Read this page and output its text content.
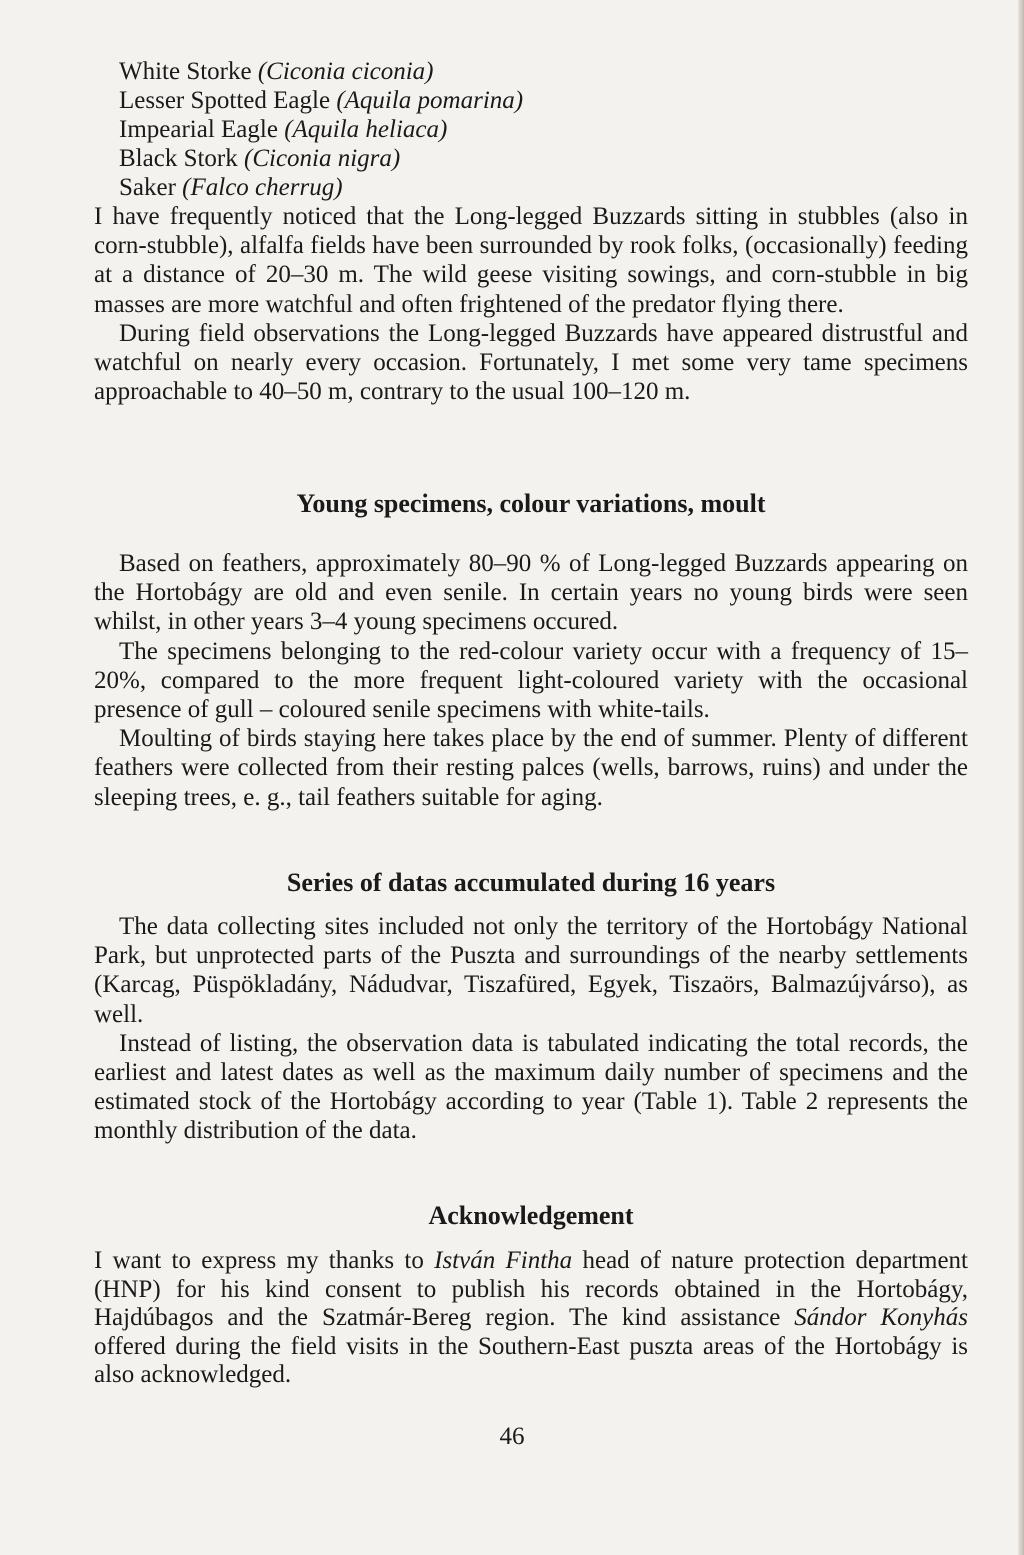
White Storke (Ciconia ciconia)
Lesser Spotted Eagle (Aquila pomarina)
Impearial Eagle (Aquila heliaca)
Black Stork (Ciconia nigra)
Saker (Falco cherrug)

I have frequently noticed that the Long-legged Buzzards sitting in stubbles (also in corn-stubble), alfalfa fields have been surrounded by rook folks, (occasionally) feeding at a distance of 20–30 m. The wild geese visiting sowings, and corn-stubble in big masses are more watchful and often frightened of the predator flying there.

During field observations the Long-legged Buzzards have appeared distrustful and watchful on nearly every occasion. Fortunately, I met some very tame specimens approachable to 40–50 m, contrary to the usual 100–120 m.

Young specimens, colour variations, moult

Based on feathers, approximately 80–90 % of Long-legged Buzzards appearing on the Hortobágy are old and even senile. In certain years no young birds were seen whilst, in other years 3–4 young specimens occured.

The specimens belonging to the red-colour variety occur with a frequency of 15–20%, compared to the more frequent light-coloured variety with the occasional presence of gull – coloured senile specimens with white-tails.

Moulting of birds staying here takes place by the end of summer. Plenty of different feathers were collected from their resting palces (wells, barrows, ruins) and under the sleeping trees, e. g., tail feathers suitable for aging.

Series of datas accumulated during 16 years

The data collecting sites included not only the territory of the Hortobágy National Park, but unprotected parts of the Puszta and surroundings of the nearby settlements (Karcag, Püspökladány, Nádudvar, Tiszafüred, Egyek, Tiszaörs, Balmazújvárso), as well.

Instead of listing, the observation data is tabulated indicating the total records, the earliest and latest dates as well as the maximum daily number of specimens and the estimated stock of the Hortobágy according to year (Table 1). Table 2 represents the monthly distribution of the data.

Acknowledgement

I want to express my thanks to István Fintha head of nature protection department (HNP) for his kind consent to publish his records obtained in the Hortobágy, Hajdúbagos and the Szatmár-Bereg region. The kind assistance Sándor Konyhás offered during the field visits in the Southern-East puszta areas of the Hortobágy is also acknowledged.

46
